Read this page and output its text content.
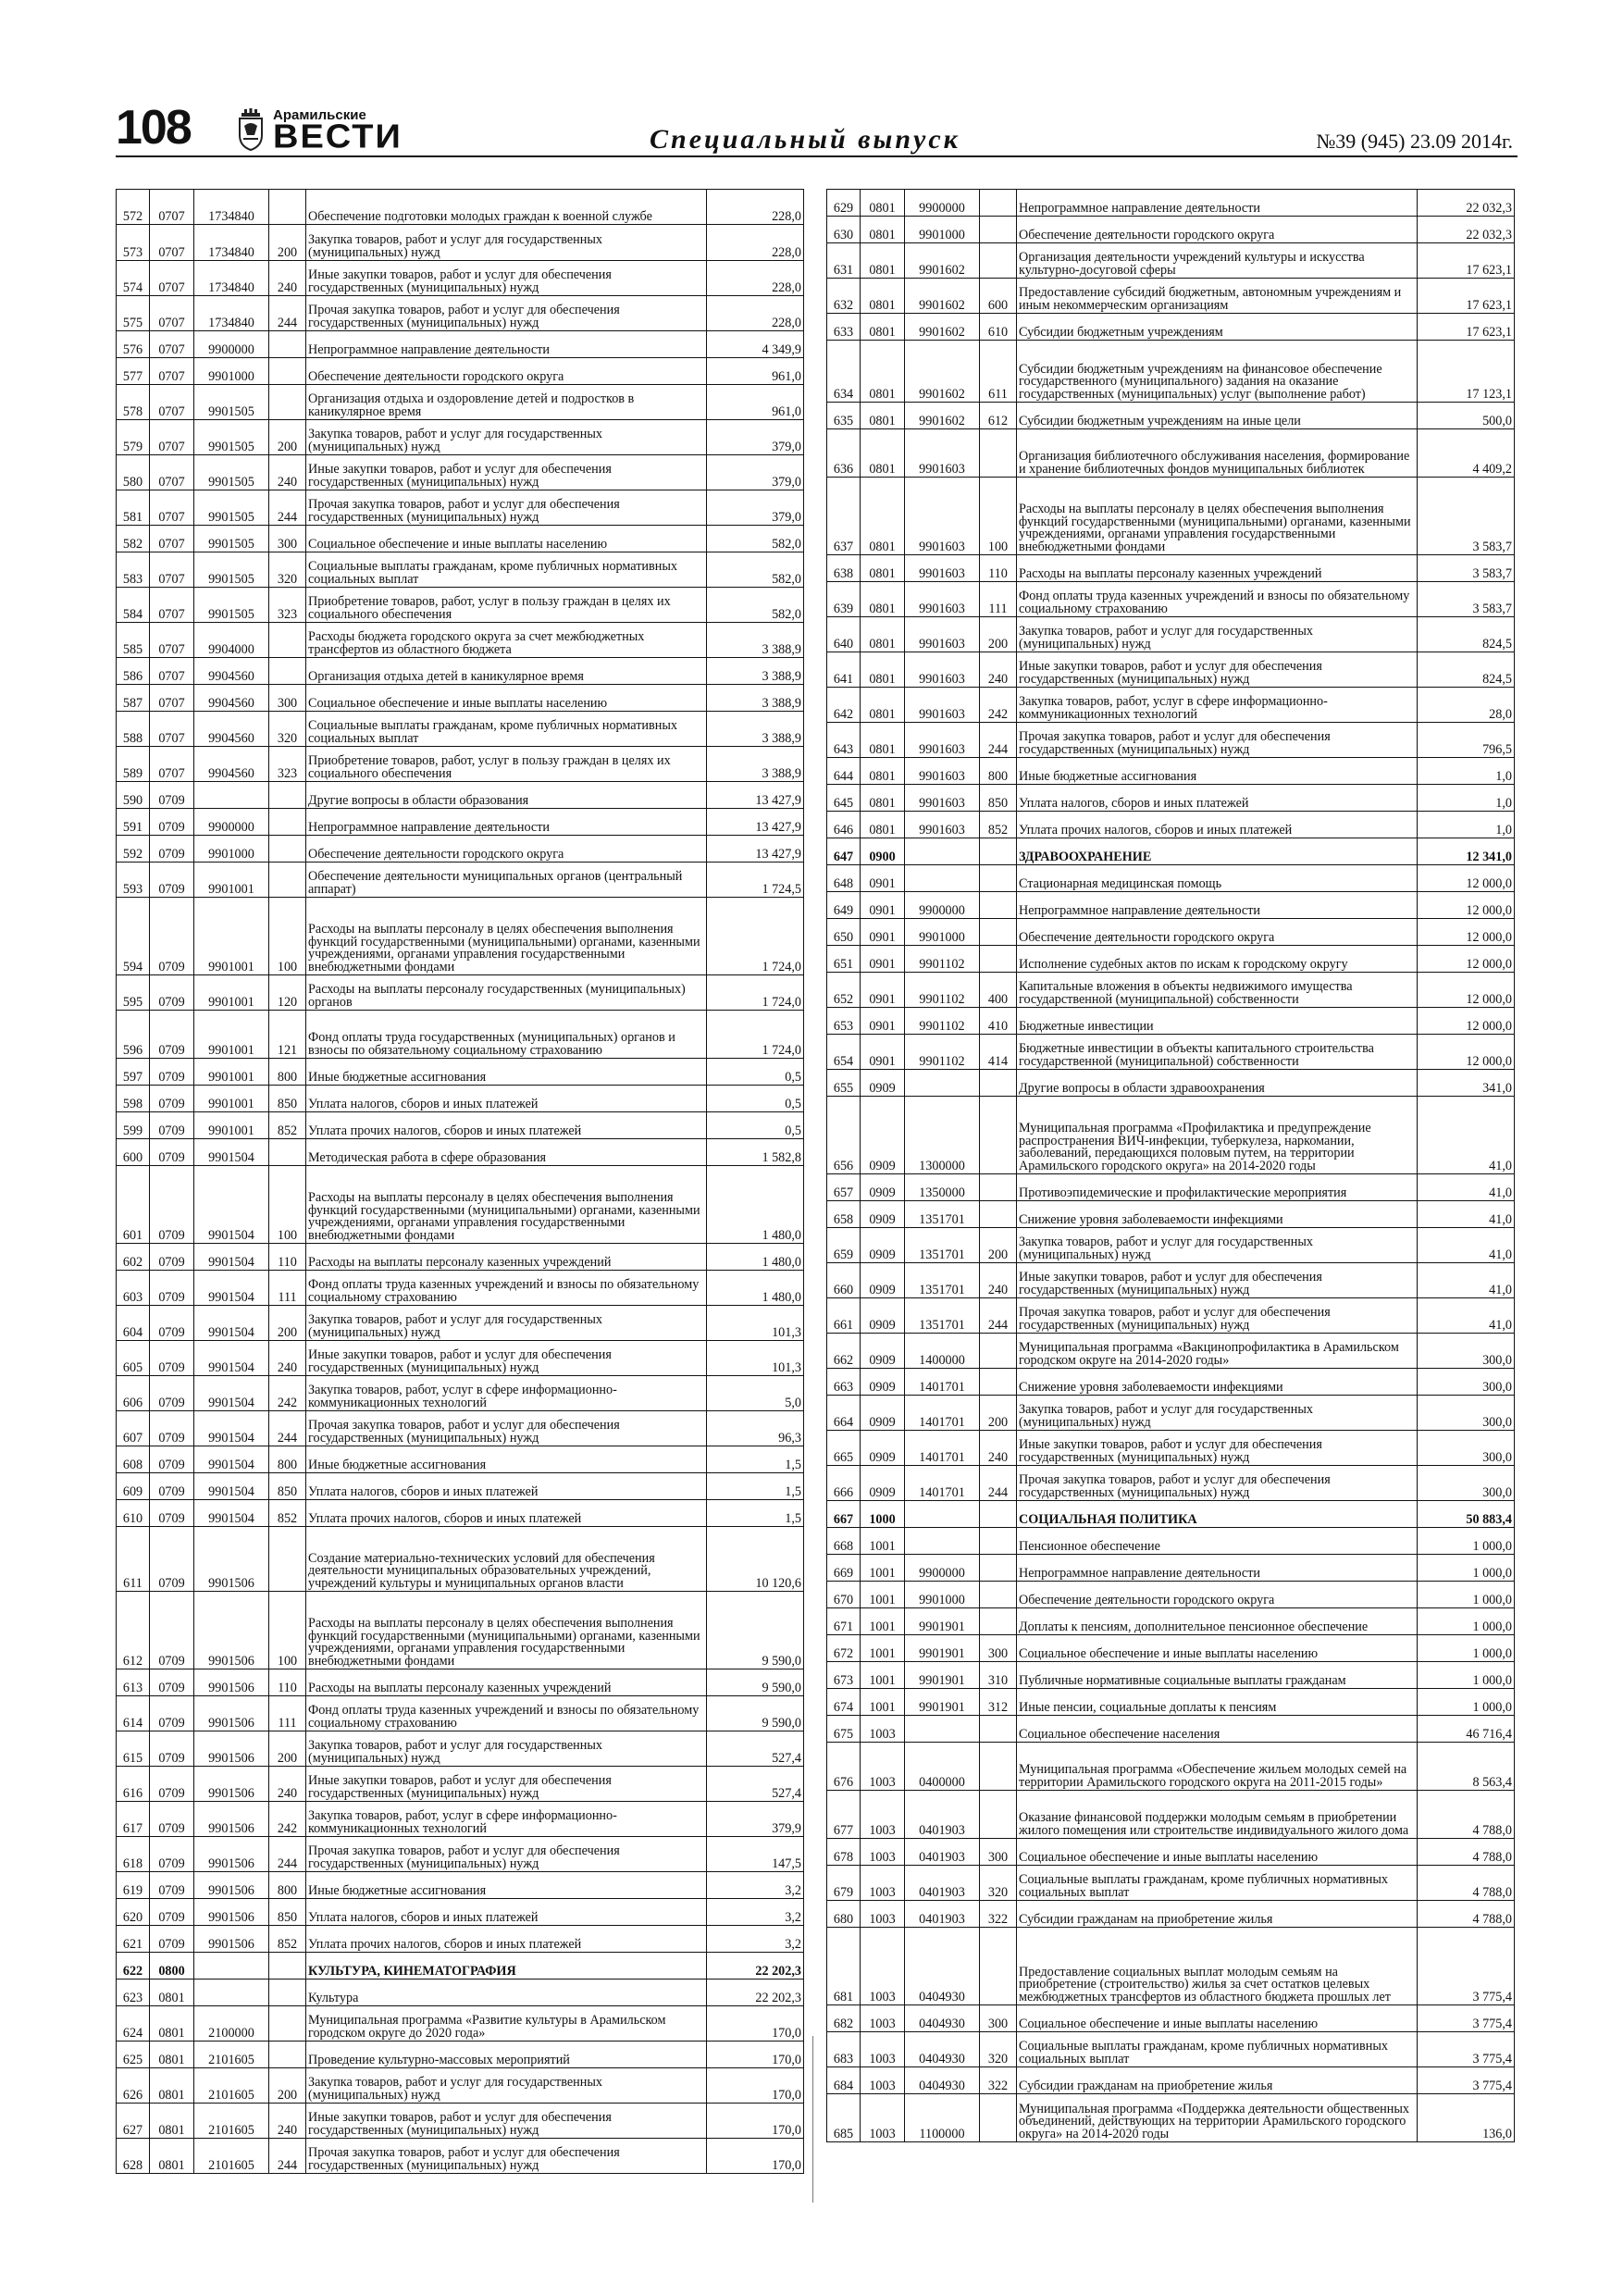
108	Арамильские
ВЕСТИ	Специальный выпуск	№39 (945) 23.09 2014г.
572	0707	1734840		Обеспечение подготовки молодых граждан к военной службе	228,0
573	0707	1734840	200	Закупка товаров, работ и услуг для государственных (муниципальных) нужд	228,0
574	0707	1734840	240	Иные закупки товаров, работ и услуг для обеспечения государственных (муниципальных) нужд	228,0
575	0707	1734840	244	Прочая закупка товаров, работ и услуг для обеспечения государственных (муниципальных) нужд	228,0
576	0707	9900000		Непрограммное направление деятельности	4 349,9
577	0707	9901000		Обеспечение деятельности городского округа	961,0
578	0707	9901505		Организация отдыха и оздоровление детей и подростков в каникулярное время	961,0
579	0707	9901505	200	Закупка товаров, работ и услуг для государственных (муниципальных) нужд	379,0
580	0707	9901505	240	Иные закупки товаров, работ и услуг для обеспечения государственных (муниципальных) нужд	379,0
581	0707	9901505	244	Прочая закупка товаров, работ и услуг для обеспечения государственных (муниципальных) нужд	379,0
582	0707	9901505	300	Социальное обеспечение и иные выплаты населению	582,0
583	0707	9901505	320	Социальные выплаты гражданам, кроме публичных нормативных социальных выплат	582,0
584	0707	9901505	323	Приобретение товаров, работ, услуг в пользу граждан в целях их социального обеспечения	582,0
585	0707	9904000		Расходы бюджета городского округа за счет межбюджетных трансфертов из областного бюджета	3 388,9
586	0707	9904560		Организация отдыха детей в каникулярное время	3 388,9
587	0707	9904560	300	Социальное обеспечение и иные выплаты населению	3 388,9
588	0707	9904560	320	Социальные выплаты гражданам, кроме публичных нормативных социальных выплат	3 388,9
589	0707	9904560	323	Приобретение товаров, работ, услуг в пользу граждан в целях их социального обеспечения	3 388,9
590	0709			Другие вопросы в области образования	13 427,9
591	0709	9900000		Непрограммное направление деятельности	13 427,9
592	0709	9901000		Обеспечение деятельности городского округа	13 427,9
593	0709	9901001		Обеспечение деятельности муниципальных органов (центральный аппарат)	1 724,5
594	0709	9901001	100	Расходы на выплаты персоналу в целях обеспечения выполнения функций государственными (муниципальными) органами, казенными учреждениями, органами управления государственными внебюджетными фондами	1 724,0
595	0709	9901001	120	Расходы на выплаты персоналу государственных (муниципальных) органов	1 724,0
596	0709	9901001	121	Фонд оплаты труда государственных (муниципальных) органов и взносы по обязательному социальному страхованию	1 724,0
597	0709	9901001	800	Иные бюджетные ассигнования	0,5
598	0709	9901001	850	Уплата налогов, сборов и иных платежей	0,5
599	0709	9901001	852	Уплата прочих налогов, сборов и иных платежей	0,5
600	0709	9901504		Методическая работа в сфере образования	1 582,8
601	0709	9901504	100	Расходы на выплаты персоналу в целях обеспечения выполнения функций государственными (муниципальными) органами, казенными учреждениями, органами управления государственными внебюджетными фондами	1 480,0
602	0709	9901504	110	Расходы на выплаты персоналу казенных учреждений	1 480,0
603	0709	9901504	111	Фонд оплаты труда казенных учреждений и взносы по обязательному социальному страхованию	1 480,0
604	0709	9901504	200	Закупка товаров, работ и услуг для государственных (муниципальных) нужд	101,3
605	0709	9901504	240	Иные закупки товаров, работ и услуг для обеспечения государственных (муниципальных) нужд	101,3
606	0709	9901504	242	Закупка товаров, работ, услуг в сфере информационно-коммуникационных технологий	5,0
607	0709	9901504	244	Прочая закупка товаров, работ и услуг для обеспечения государственных (муниципальных) нужд	96,3
608	0709	9901504	800	Иные бюджетные ассигнования	1,5
609	0709	9901504	850	Уплата налогов, сборов и иных платежей	1,5
610	0709	9901504	852	Уплата прочих налогов, сборов и иных платежей	1,5
611	0709	9901506		Создание материально-технических условий для обеспечения деятельности муниципальных образовательных учреждений, учреждений культуры и муниципальных органов власти	10 120,6
612	0709	9901506	100	Расходы на выплаты персоналу в целях обеспечения выполнения функций государственными (муниципальными) органами, казенными учреждениями, органами управления государственными внебюджетными фондами	9 590,0
613	0709	9901506	110	Расходы на выплаты персоналу казенных учреждений	9 590,0
614	0709	9901506	111	Фонд оплаты труда казенных учреждений и взносы по обязательному социальному страхованию	9 590,0
615	0709	9901506	200	Закупка товаров, работ и услуг для государственных (муниципальных) нужд	527,4
616	0709	9901506	240	Иные закупки товаров, работ и услуг для обеспечения государственных (муниципальных) нужд	527,4
617	0709	9901506	242	Закупка товаров, работ, услуг в сфере информационно-коммуникационных технологий	379,9
618	0709	9901506	244	Прочая закупка товаров, работ и услуг для обеспечения государственных (муниципальных) нужд	147,5
619	0709	9901506	800	Иные бюджетные ассигнования	3,2
620	0709	9901506	850	Уплата налогов, сборов и иных платежей	3,2
621	0709	9901506	852	Уплата прочих налогов, сборов и иных платежей	3,2
622	0800			КУЛЬТУРА, КИНЕМАТОГРАФИЯ	22 202,3
623	0801			Культура	22 202,3
624	0801	2100000		Муниципальная программа «Развитие культуры в Арамильском городском округе до 2020 года»	170,0
625	0801	2101605		Проведение культурно-массовых мероприятий	170,0
626	0801	2101605	200	Закупка товаров, работ и услуг для государственных (муниципальных) нужд	170,0
627	0801	2101605	240	Иные закупки товаров, работ и услуг для обеспечения государственных (муниципальных) нужд	170,0
628	0801	2101605	244	Прочая закупка товаров, работ и услуг для обеспечения государственных (муниципальных) нужд	170,0
629	0801	9900000		Непрограммное направление деятельности	22 032,3
630	0801	9901000		Обеспечение деятельности городского округа	22 032,3
631	0801	9901602		Организация деятельности учреждений культуры и искусства культурно-досуговой сферы	17 623,1
632	0801	9901602	600	Предоставление субсидий бюджетным, автономным учреждениям и иным некоммерческим организациям	17 623,1
633	0801	9901602	610	Субсидии бюджетным учреждениям	17 623,1
634	0801	9901602	611	Субсидии бюджетным учреждениям на финансовое обеспечение государственного (муниципального) задания на оказание государственных (муниципальных) услуг (выполнение работ)	17 123,1
635	0801	9901602	612	Субсидии бюджетным учреждениям на иные цели	500,0
636	0801	9901603		Организация библиотечного обслуживания населения, формирование и хранение библиотечных фондов муниципальных библиотек	4 409,2
637	0801	9901603	100	Расходы на выплаты персоналу в целях обеспечения выполнения функций государственными (муниципальными) органами, казенными учреждениями, органами управления государственными внебюджетными фондами	3 583,7
638	0801	9901603	110	Расходы на выплаты персоналу казенных учреждений	3 583,7
639	0801	9901603	111	Фонд оплаты труда казенных учреждений и взносы по обязательному социальному страхованию	3 583,7
640	0801	9901603	200	Закупка товаров, работ и услуг для государственных (муниципальных) нужд	824,5
641	0801	9901603	240	Иные закупки товаров, работ и услуг для обеспечения государственных (муниципальных) нужд	824,5
642	0801	9901603	242	Закупка товаров, работ, услуг в сфере информационно-коммуникационных технологий	28,0
643	0801	9901603	244	Прочая закупка товаров, работ и услуг для обеспечения государственных (муниципальных) нужд	796,5
644	0801	9901603	800	Иные бюджетные ассигнования	1,0
645	0801	9901603	850	Уплата налогов, сборов и иных платежей	1,0
646	0801	9901603	852	Уплата прочих налогов, сборов и иных платежей	1,0
647	0900			ЗДРАВООХРАНЕНИЕ	12 341,0
648	0901			Стационарная медицинская помощь	12 000,0
649	0901	9900000		Непрограммное направление деятельности	12 000,0
650	0901	9901000		Обеспечение деятельности городского округа	12 000,0
651	0901	9901102		Исполнение судебных актов по искам к городскому округу	12 000,0
652	0901	9901102	400	Капитальные вложения в объекты недвижимого имущества государственной (муниципальной) собственности	12 000,0
653	0901	9901102	410	Бюджетные инвестиции	12 000,0
654	0901	9901102	414	Бюджетные инвестиции в объекты капитального строительства государственной (муниципальной) собственности	12 000,0
655	0909			Другие вопросы в области здравоохранения	341,0
656	0909	1300000		Муниципальная программа «Профилактика и предупреждение распространения ВИЧ-инфекции, туберкулеза, наркомании, заболеваний, передающихся половым путем, на территории Арамильского городского округа» на 2014-2020 годы	41,0
657	0909	1350000		Противоэпидемические и профилактические мероприятия	41,0
658	0909	1351701		Снижение уровня заболеваемости инфекциями	41,0
659	0909	1351701	200	Закупка товаров, работ и услуг для государственных (муниципальных) нужд	41,0
660	0909	1351701	240	Иные закупки товаров, работ и услуг для обеспечения государственных (муниципальных) нужд	41,0
661	0909	1351701	244	Прочая закупка товаров, работ и услуг для обеспечения государственных (муниципальных) нужд	41,0
662	0909	1400000		Муниципальная программа «Вакцинопрофилактика в Арамильском городском округе на 2014-2020 годы»	300,0
663	0909	1401701		Снижение уровня заболеваемости инфекциями	300,0
664	0909	1401701	200	Закупка товаров, работ и услуг для государственных (муниципальных) нужд	300,0
665	0909	1401701	240	Иные закупки товаров, работ и услуг для обеспечения государственных (муниципальных) нужд	300,0
666	0909	1401701	244	Прочая закупка товаров, работ и услуг для обеспечения государственных (муниципальных) нужд	300,0
667	1000			СОЦИАЛЬНАЯ ПОЛИТИКА	50 883,4
668	1001			Пенсионное обеспечение	1 000,0
669	1001	9900000		Непрограммное направление деятельности	1 000,0
670	1001	9901000		Обеспечение деятельности городского округа	1 000,0
671	1001	9901901		Доплаты к пенсиям, дополнительное пенсионное обеспечение	1 000,0
672	1001	9901901	300	Социальное обеспечение и иные выплаты населению	1 000,0
673	1001	9901901	310	Публичные нормативные социальные выплаты гражданам	1 000,0
674	1001	9901901	312	Иные пенсии, социальные доплаты к пенсиям	1 000,0
675	1003			Социальное обеспечение населения	46 716,4
676	1003	0400000		Муниципальная программа «Обеспечение жильем молодых семей на территории Арамильского городского округа на 2011-2015 годы»	8 563,4
677	1003	0401903		Оказание финансовой поддержки молодым семьям в приобретении жилого помещения или строительстве индивидуального жилого дома	4 788,0
678	1003	0401903	300	Социальное обеспечение и иные выплаты населению	4 788,0
679	1003	0401903	320	Социальные выплаты гражданам, кроме публичных нормативных социальных выплат	4 788,0
680	1003	0401903	322	Субсидии гражданам на приобретение жилья	4 788,0
681	1003	0404930		Предоставление социальных выплат молодым семьям на приобретение (строительство) жилья за счет остатков целевых межбюджетных трансфертов из областного бюджета прошлых лет	3 775,4
682	1003	0404930	300	Социальное обеспечение и иные выплаты населению	3 775,4
683	1003	0404930	320	Социальные выплаты гражданам, кроме публичных нормативных социальных выплат	3 775,4
684	1003	0404930	322	Субсидии гражданам на приобретение жилья	3 775,4
685	1003	1100000		Муниципальная программа «Поддержка деятельности общественных объединений, действующих на территории Арамильского городского округа» на 2014-2020 годы	136,0
